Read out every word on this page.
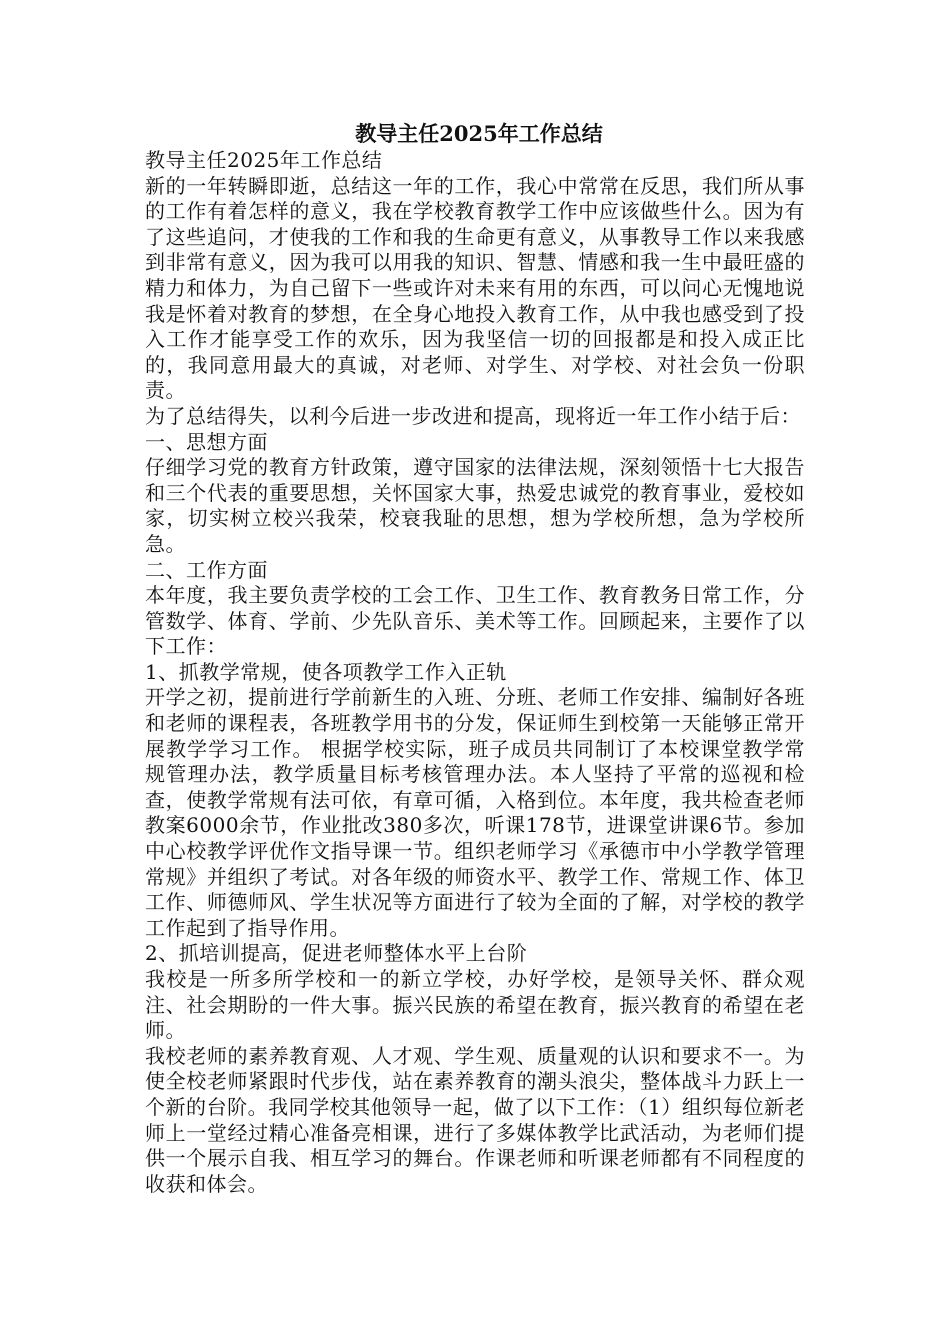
教导主任2025年工作总结

教导主任2025年工作总结

新的一年转瞬即逝，总结这一年的工作，我心中常常在反思，我们所从事的工作有着怎样的意义，我在学校教育教学工作中应该做些什么。因为有了这些追问，才使我的工作和我的生命更有意义，从事教导工作以来我感到非常有意义，因为我可以用我的知识、智慧、情感和我一生中最旺盛的精力和体力，为自己留下一些或许对未来有用的东西，可以问心无愧地说我是怀着对教育的梦想，在全身心地投入教育工作，从中我也感受到了投入工作才能享受工作的欢乐，因为我坚信一切的回报都是和投入成正比的，我同意用最大的真诚，对老师、对学生、对学校、对社会负一份职责。

为了总结得失，以利今后进一步改进和提高，现将近一年工作小结于后：

一、思想方面

仔细学习党的教育方针政策，遵守国家的法律法规，深刻领悟十七大报告和三个代表的重要思想，关怀国家大事，热爱忠诚党的教育事业，爱校如家，切实树立校兴我荣，校衰我耻的思想，想为学校所想，急为学校所急。

二、工作方面

本年度，我主要负责学校的工会工作、卫生工作、教育教务日常工作，分管数学、体育、学前、少先队音乐、美术等工作。回顾起来，主要作了以下工作：

1、抓教学常规，使各项教学工作入正轨

开学之初，提前进行学前新生的入班、分班、老师工作安排、编制好各班和老师的课程表，各班教学用书的分发，保证师生到校第一天能够正常开展教学学习工作。 根据学校实际，班子成员共同制订了本校课堂教学常规管理办法，教学质量目标考核管理办法。本人坚持了平常的巡视和检查，使教学常规有法可依，有章可循，入格到位。本年度，我共检查老师教案6000余节，作业批改380多次，听课178节，进课堂讲课6节。参加中心校教学评优作文指导课一节。组织老师学习《承德市中小学教学管理常规》并组织了考试。对各年级的师资水平、教学工作、常规工作、体卫工作、师德师风、学生状况等方面进行了较为全面的了解，对学校的教学工作起到了指导作用。

2、抓培训提高，促进老师整体水平上台阶

我校是一所多所学校和一的新立学校，办好学校，是领导关怀、群众观注、社会期盼的一件大事。振兴民族的希望在教育，振兴教育的希望在老师。

我校老师的素养教育观、人才观、学生观、质量观的认识和要求不一。为使全校老师紧跟时代步伐，站在素养教育的潮头浪尖，整体战斗力跃上一个新的台阶。我同学校其他领导一起，做了以下工作：（1）组织每位新老师上一堂经过精心准备亮相课，进行了多媒体教学比武活动，为老师们提供一个展示自我、相互学习的舞台。作课老师和听课老师都有不同程度的收获和体会。
